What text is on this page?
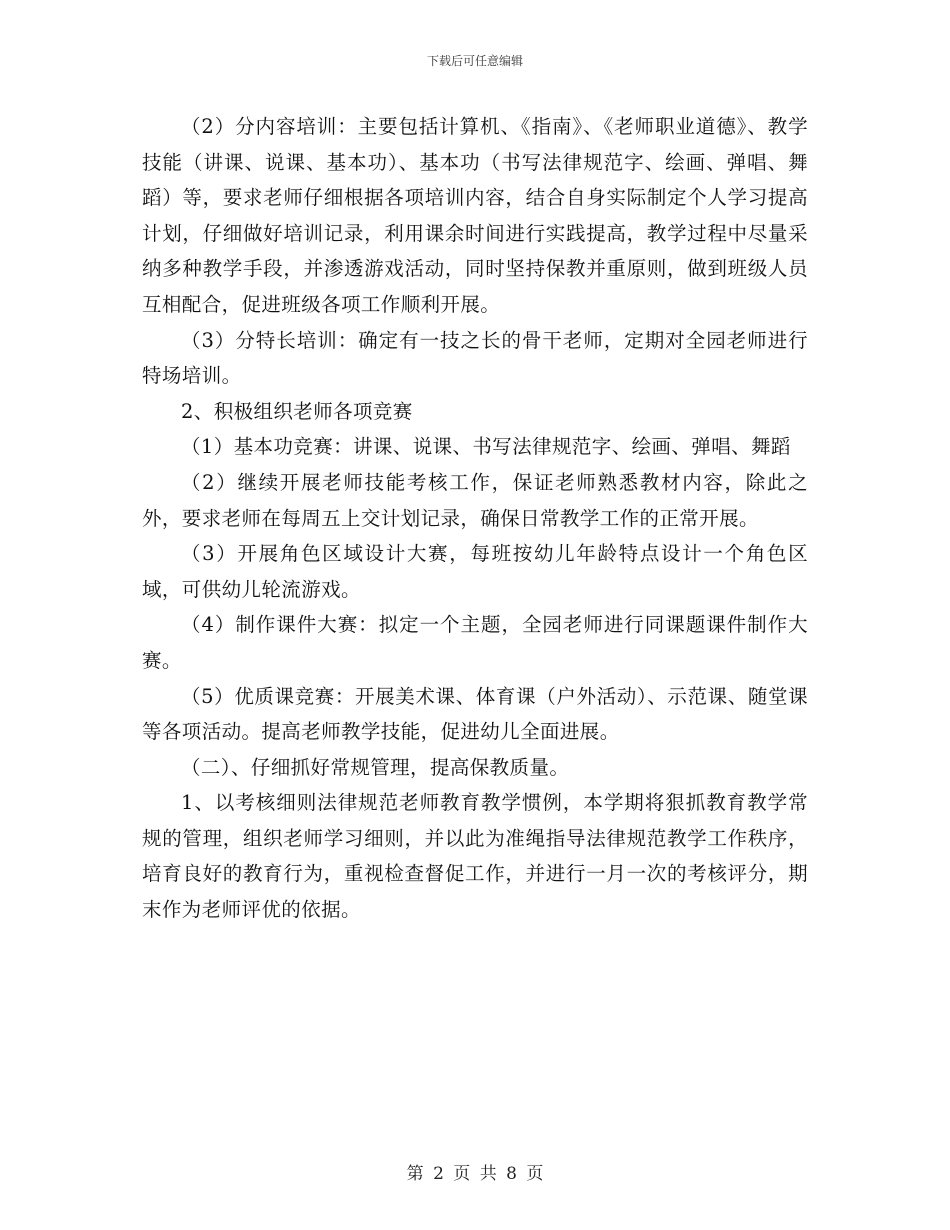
下载后可任意编辑

（2）分内容培训：主要包括计算机、《指南》、《老师职业道德》、教学技能（讲课、说课、基本功）、基本功（书写法律规范字、绘画、弹唱、舞蹈）等，要求老师仔细根据各项培训内容，结合自身实际制定个人学习提高计划，仔细做好培训记录，利用课余时间进行实践提高，教学过程中尽量采纳多种教学手段，并渗透游戏活动，同时坚持保教并重原则，做到班级人员互相配合，促进班级各项工作顺利开展。

（3）分特长培训：确定有一技之长的骨干老师，定期对全园老师进行特场培训。

2、积极组织老师各项竞赛

（1）基本功竞赛：讲课、说课、书写法律规范字、绘画、弹唱、舞蹈

（2）继续开展老师技能考核工作，保证老师熟悉教材内容，除此之外，要求老师在每周五上交计划记录，确保日常教学工作的正常开展。

（3）开展角色区域设计大赛，每班按幼儿年龄特点设计一个角色区域，可供幼儿轮流游戏。

（4）制作课件大赛：拟定一个主题，全园老师进行同课题课件制作大赛。

（5）优质课竞赛：开展美术课、体育课（户外活动）、示范课、随堂课等各项活动。提高老师教学技能，促进幼儿全面进展。

（二）、仔细抓好常规管理，提高保教质量。

1、以考核细则法律规范老师教育教学惯例，本学期将狠抓教育教学常规的管理，组织老师学习细则，并以此为准绳指导法律规范教学工作秩序，培育良好的教育行为，重视检查督促工作，并进行一月一次的考核评分，期末作为老师评优的依据。

第 2 页 共 8 页
